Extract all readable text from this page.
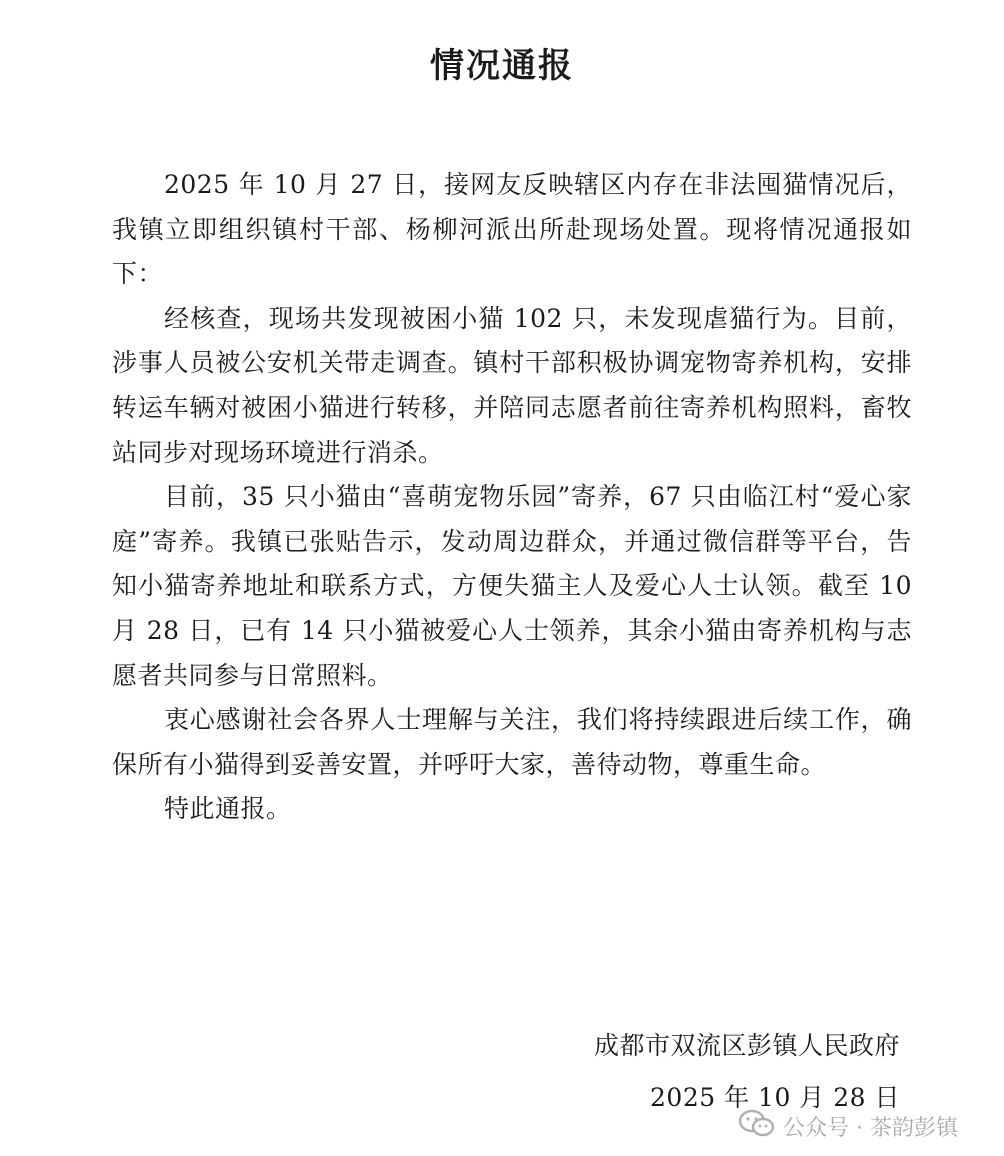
情况通报

2025 年 10 月 27 日，接网友反映辖区内存在非法囤猫情况后，我镇立即组织镇村干部、杨柳河派出所赴现场处置。现将情况通报如下：

经核查，现场共发现被困小猫 102 只，未发现虐猫行为。目前，涉事人员被公安机关带走调查。镇村干部积极协调宠物寄养机构，安排转运车辆对被困小猫进行转移，并陪同志愿者前往寄养机构照料，畜牧站同步对现场环境进行消杀。

目前，35 只小猫由“喜萌宠物乐园”寄养，67 只由临江村“爱心家庭”寄养。我镇已张贴告示，发动周边群众，并通过微信群等平台，告知小猫寄养地址和联系方式，方便失猫主人及爱心人士认领。截至 10 月 28 日，已有 14 只小猫被爱心人士领养，其余小猫由寄养机构与志愿者共同参与日常照料。

衷心感谢社会各界人士理解与关注，我们将持续跟进后续工作，确保所有小猫得到妥善安置，并呼吁大家，善待动物，尊重生命。

特此通报。

成都市双流区彭镇人民政府
2025 年 10 月 28 日
公众号 · 茶韵彭镇
